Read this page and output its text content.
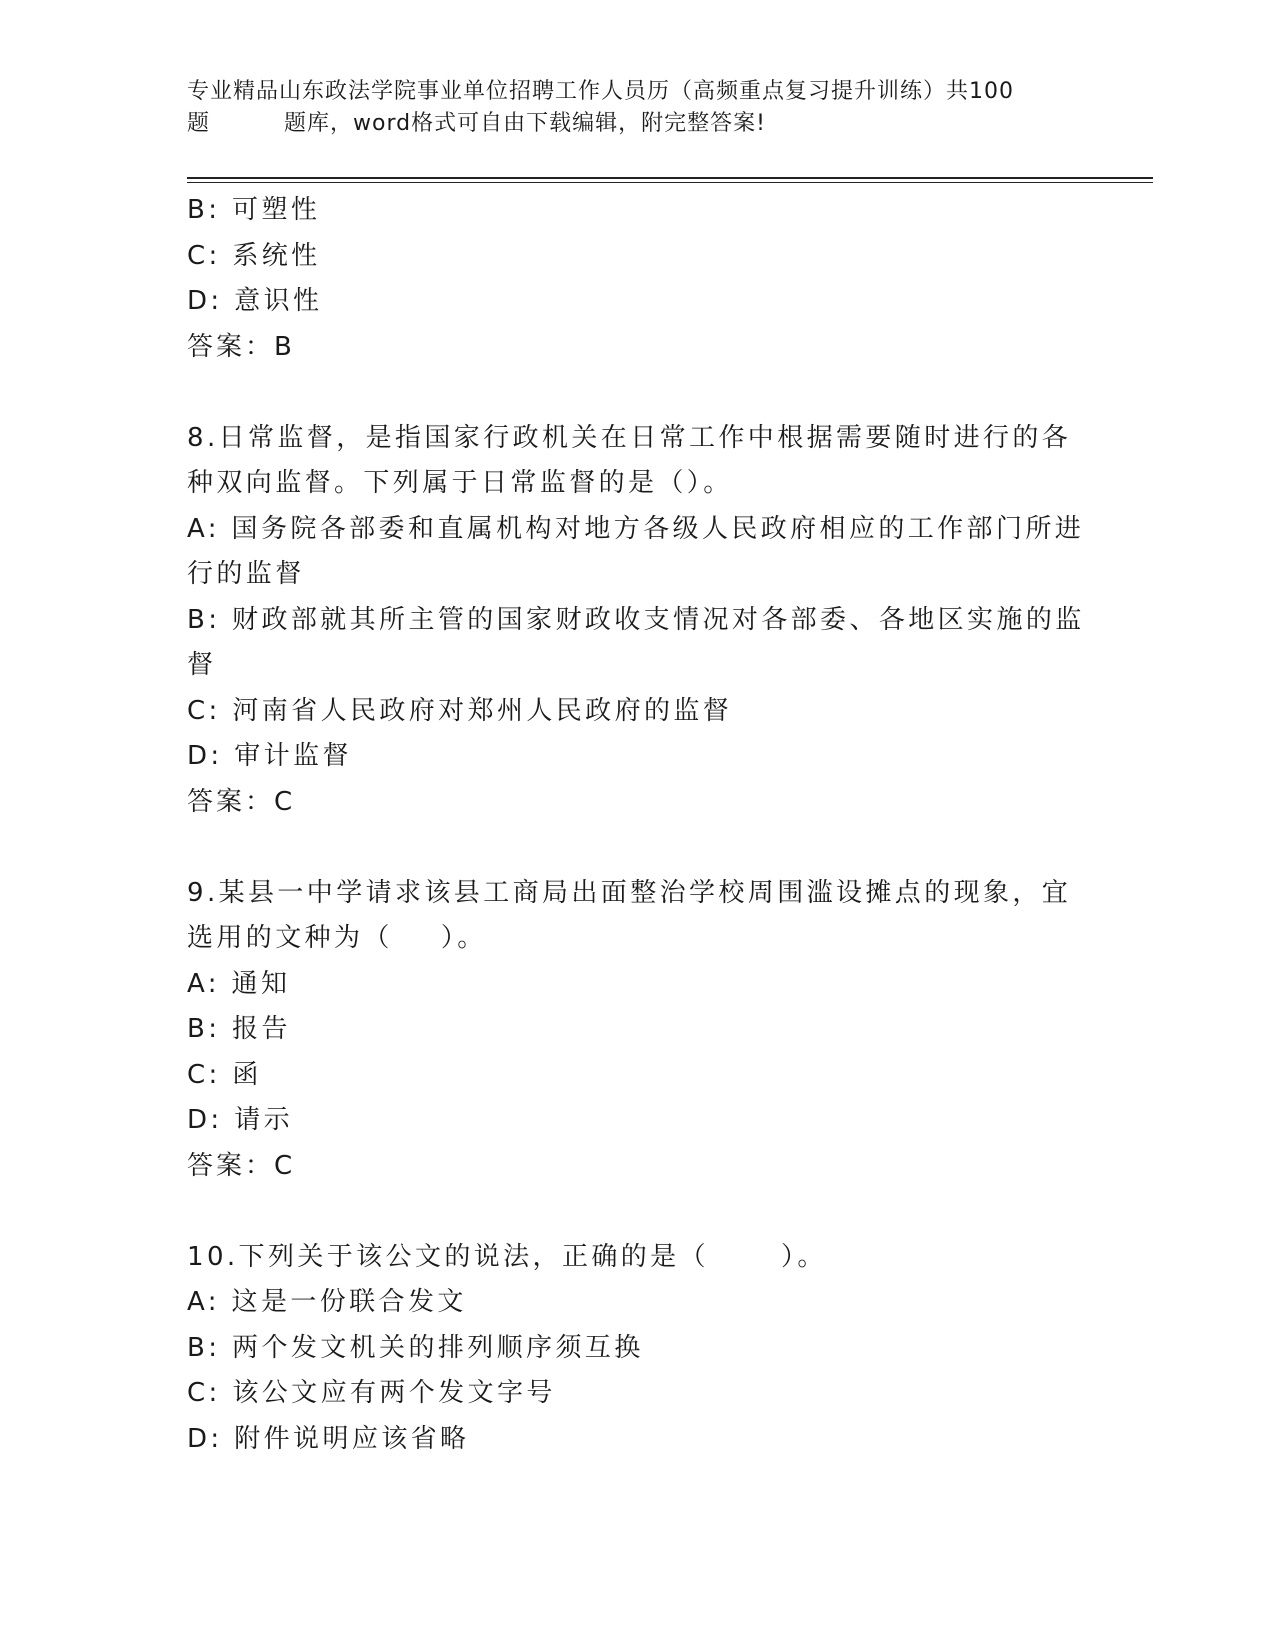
专业精品山东政法学院事业单位招聘工作人员历（高频重点复习提升训练）共100
题	题库，word格式可自由下载编辑，附完整答案!
B: 可塑性
C: 系统性
D: 意识性
答案：B
8.日常监督，是指国家行政机关在日常工作中根据需要随时进行的各
种双向监督。下列属于日常监督的是（）。
A: 国务院各部委和直属机构对地方各级人民政府相应的工作部门所进
行的监督
B: 财政部就其所主管的国家财政收支情况对各部委、各地区实施的监
督
C: 河南省人民政府对郑州人民政府的监督
D: 审计监督
答案：C
9.某县一中学请求该县工商局出面整治学校周围滥设摊点的现象，宜
选用的文种为（ ）。
A: 通知
B: 报告
C: 函
D: 请示
答案：C
10.下列关于该公文的说法，正确的是（	）。
A: 这是一份联合发文
B: 两个发文机关的排列顺序须互换
C: 该公文应有两个发文字号
D: 附件说明应该省略
